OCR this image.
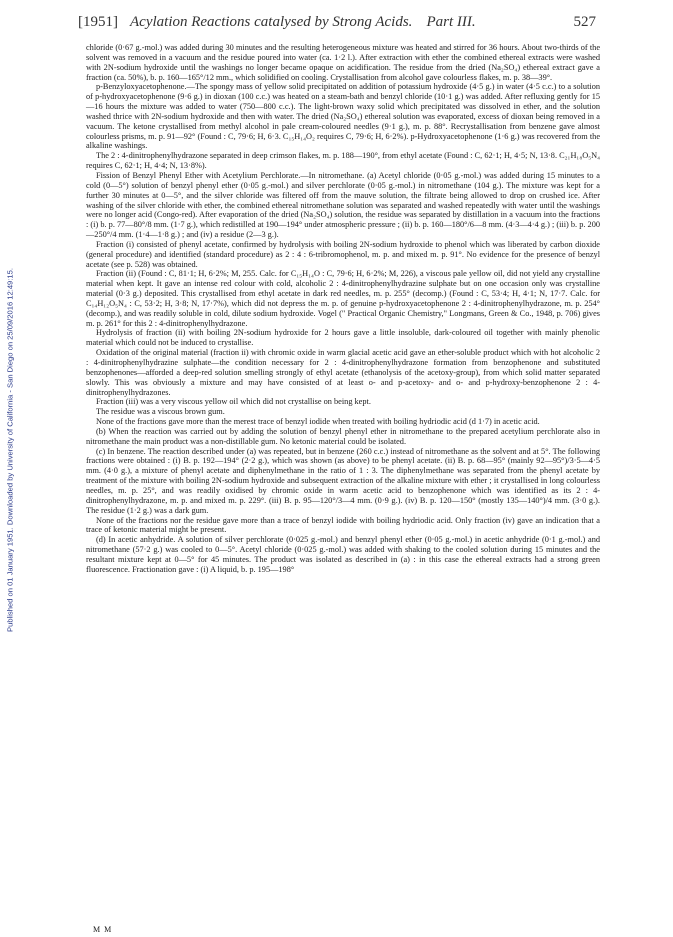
Published on 01 January 1951. Downloaded by University of California - San Diego on 25/09/2016 12:49:15.
[1951] Acylation Reactions catalysed by Strong Acids. Part III.	527

chloride (0·67 g.-mol.) was added during 30 minutes and the resulting heterogeneous mixture was heated and stirred for 36 hours. About two-thirds of the solvent was removed in a vacuum and the residue poured into water (ca. 1·2 l.). After extraction with ether the combined ethereal extracts were washed with 2N-sodium hydroxide until the washings no longer became opaque on acidification. The residue from the dried (Na₂SO₄) ethereal extract gave a fraction (ca. 50%), b. p. 160—165°/12 mm., which solidified on cooling. Crystallisation from alcohol gave colourless flakes, m. p. 38—39°.

p-Benzyloxyacetophenone.—The spongy mass of yellow solid precipitated on addition of potassium hydroxide (4·5 g.) in water (4·5 c.c.) to a solution of p-hydroxyacetophenone (9·6 g.) in dioxan (100 c.c.) was heated on a steam-bath and benzyl chloride (10·1 g.) was added. After refluxing gently for 15—16 hours the mixture was added to water (750—800 c.c.). The light-brown waxy solid which precipitated was dissolved in ether, and the solution washed thrice with 2N-sodium hydroxide and then with water. The dried (Na₂SO₄) ethereal solution was evaporated, excess of dioxan being removed in a vacuum. The ketone crystallised from methyl alcohol in pale cream-coloured needles (9·1 g.), m. p. 88°. Recrystallisation from benzene gave almost colourless prisms, m. p. 91—92° (Found : C, 79·6; H, 6·3. C₁₅H₁₄O₂ requires C, 79·6; H, 6·2%). p-Hydroxyacetophenone (1·6 g.) was recovered from the alkaline washings.

The 2 : 4-dinitrophenylhydrazone separated in deep crimson flakes, m. p. 188—190°, from ethyl acetate (Found : C, 62·1; H, 4·5; N, 13·8. C₂₁H₁₈O₅N₄ requires C, 62·1; H, 4·4; N, 13·8%).

Fission of Benzyl Phenyl Ether with Acetylium Perchlorate.—In nitromethane. (a) Acetyl chloride (0·05 g.-mol.) was added during 15 minutes to a cold (0—5°) solution of benzyl phenyl ether (0·05 g.-mol.) and silver perchlorate (0·05 g.-mol.) in nitromethane (104 g.). The mixture was kept for a further 30 minutes at 0—5°, and the silver chloride was filtered off from the mauve solution, the filtrate being allowed to drop on crushed ice. After washing of the silver chloride with ether, the combined ethereal nitromethane solution was separated and washed repeatedly with water until the washings were no longer acid (Congo-red). After evaporation of the dried (Na₂SO₄) solution, the residue was separated by distillation in a vacuum into the fractions : (i) b. p. 77—80°/8 mm. (1·7 g.), which redistilled at 190—194° under atmospheric pressure ; (ii) b. p. 160—180°/6—8 mm. (4·3—4·4 g.) ; (iii) b. p. 200—250°/4 mm. (1·4—1·8 g.) ; and (iv) a residue (2—3 g.).

Fraction (i) consisted of phenyl acetate, confirmed by hydrolysis with boiling 2N-sodium hydroxide to phenol which was liberated by carbon dioxide (general procedure) and identified (standard procedure) as 2 : 4 : 6-tribromophenol, m. p. and mixed m. p. 91°. No evidence for the presence of benzyl acetate (see p. 528) was obtained.

Fraction (ii) (Found : C, 81·1; H, 6·2%; M, 255. Calc. for C₁₅H₁₄O : C, 79·6; H, 6·2%; M, 226), a viscous pale yellow oil, did not yield any crystalline material when kept. It gave an intense red colour with cold, alcoholic 2 : 4-dinitrophenylhydrazine sulphate but on one occasion only was crystalline material (0·3 g.) deposited. This crystallised from ethyl acetate in dark red needles, m. p. 255° (decomp.) (Found : C, 53·4; H, 4·1; N, 17·7. Calc. for C₁₄H₁₂O₅N₄ : C, 53·2; H, 3·8; N, 17·7%), which did not depress the m. p. of genuine p-hydroxyacetophenone 2 : 4-dinitrophenylhydrazone, m. p. 254° (decomp.), and was readily soluble in cold, dilute sodium hydroxide. Vogel (" Practical Organic Chemistry," Longmans, Green & Co., 1948, p. 706) gives m. p. 261° for this 2 : 4-dinitrophenylhydrazone.

Hydrolysis of fraction (ii) with boiling 2N-sodium hydroxide for 2 hours gave a little insoluble, dark-coloured oil together with mainly phenolic material which could not be induced to crystallise.

Oxidation of the original material (fraction ii) with chromic oxide in warm glacial acetic acid gave an ether-soluble product which with hot alcoholic 2 : 4-dinitrophenylhydrazine sulphate—the condition necessary for 2 : 4-dinitrophenylhydrazone formation from benzophenone and substituted benzophenones—afforded a deep-red solution smelling strongly of ethyl acetate (ethanolysis of the acetoxy-group), from which solid matter separated slowly. This was obviously a mixture and may have consisted of at least o- and p-acetoxy- and o- and p-hydroxy-benzophenone 2 : 4-dinitrophenylhydrazones.

Fraction (iii) was a very viscous yellow oil which did not crystallise on being kept.

The residue was a viscous brown gum.

None of the fractions gave more than the merest trace of benzyl iodide when treated with boiling hydriodic acid (d 1·7) in acetic acid.

(b) When the reaction was carried out by adding the solution of benzyl phenyl ether in nitromethane to the prepared acetylium perchlorate also in nitromethane the main product was a non-distillable gum. No ketonic material could be isolated.

(c) In benzene. The reaction described under (a) was repeated, but in benzene (260 c.c.) instead of nitromethane as the solvent and at 5°. The following fractions were obtained : (i) B. p. 192—194° (2·2 g.), which was shown (as above) to be phenyl acetate. (ii) B. p. 68—95° (mainly 92—95°)/3·5—4·5 mm. (4·0 g.), a mixture of phenyl acetate and diphenylmethane in the ratio of 1 : 3. The diphenylmethane was separated from the phenyl acetate by treatment of the mixture with boiling 2N-sodium hydroxide and subsequent extraction of the alkaline mixture with ether ; it crystallised in long colourless needles, m. p. 25°, and was readily oxidised by chromic oxide in warm acetic acid to benzophenone which was identified as its 2 : 4-dinitrophenylhydrazone, m. p. and mixed m. p. 229°. (iii) B. p. 95—120°/3—4 mm. (0·9 g.). (iv) B. p. 120—150° (mostly 135—140°)/4 mm. (3·0 g.). The residue (1·2 g.) was a dark gum.

None of the fractions nor the residue gave more than a trace of benzyl iodide with boiling hydriodic acid. Only fraction (iv) gave an indication that a trace of ketonic material might be present.

(d) In acetic anhydride. A solution of silver perchlorate (0·025 g.-mol.) and benzyl phenyl ether (0·05 g.-mol.) in acetic anhydride (0·1 g.-mol.) and nitromethane (57·2 g.) was cooled to 0—5°. Acetyl chloride (0·025 g.-mol.) was added with shaking to the cooled solution during 15 minutes and the resultant mixture kept at 0—5° for 45 minutes. The product was isolated as described in (a) : in this case the ethereal extracts had a strong green fluorescence. Fractionation gave : (i) A liquid, b. p. 195—198°

M M
